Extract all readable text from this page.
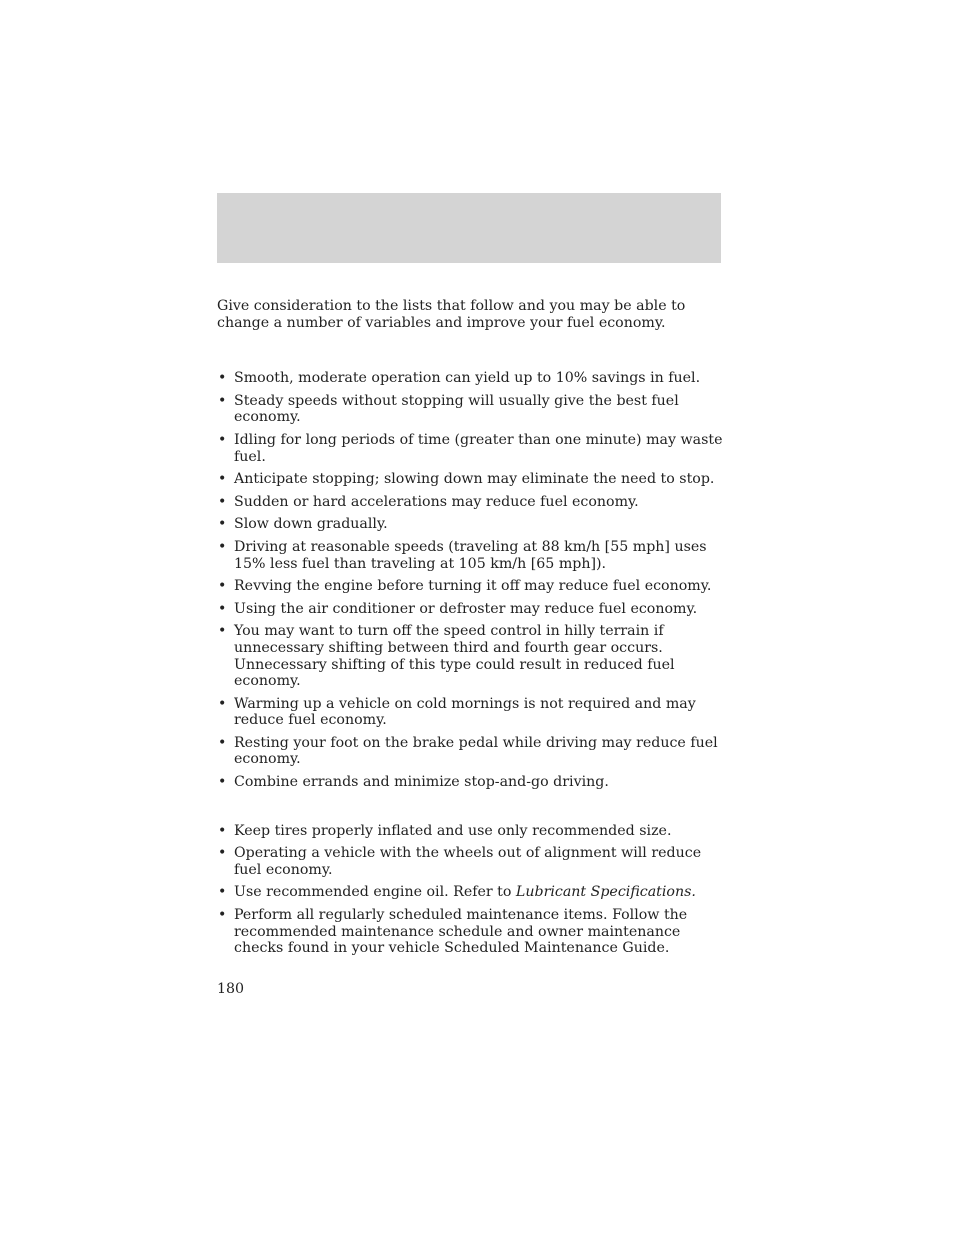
Give consideration to the lists that follow and you may be able to change a number of variables and improve your fuel economy.

• Smooth, moderate operation can yield up to 10% savings in fuel.
• Steady speeds without stopping will usually give the best fuel economy.
• Idling for long periods of time (greater than one minute) may waste fuel.
• Anticipate stopping; slowing down may eliminate the need to stop.
• Sudden or hard accelerations may reduce fuel economy.
• Slow down gradually.
• Driving at reasonable speeds (traveling at 88 km/h [55 mph] uses 15% less fuel than traveling at 105 km/h [65 mph]).
• Revving the engine before turning it off may reduce fuel economy.
• Using the air conditioner or defroster may reduce fuel economy.
• You may want to turn off the speed control in hilly terrain if unnecessary shifting between third and fourth gear occurs. Unnecessary shifting of this type could result in reduced fuel economy.
• Warming up a vehicle on cold mornings is not required and may reduce fuel economy.
• Resting your foot on the brake pedal while driving may reduce fuel economy.
• Combine errands and minimize stop-and-go driving.
• Keep tires properly inflated and use only recommended size.
• Operating a vehicle with the wheels out of alignment will reduce fuel economy.
• Use recommended engine oil. Refer to Lubricant Specifications.
• Perform all regularly scheduled maintenance items. Follow the recommended maintenance schedule and owner maintenance checks found in your vehicle Scheduled Maintenance Guide.
180
